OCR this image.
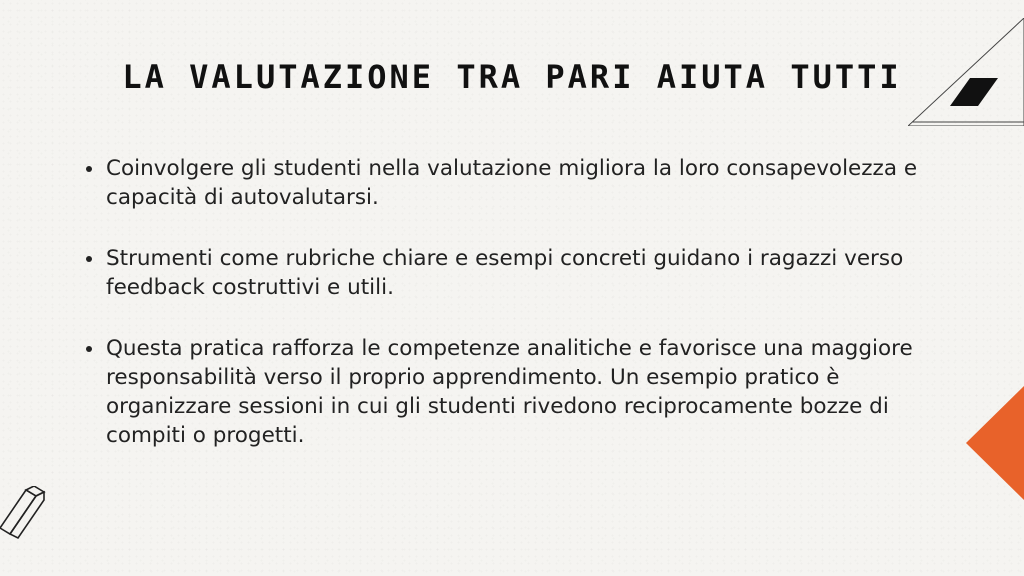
LA VALUTAZIONE TRA PARI AIUTA TUTTI
Coinvolgere gli studenti nella valutazione migliora la loro consapevolezza e capacità di autovalutarsi.
Strumenti come rubriche chiare e esempi concreti guidano i ragazzi verso feedback costruttivi e utili.
Questa pratica rafforza le competenze analitiche e favorisce una maggiore responsabilità verso il proprio apprendimento. Un esempio pratico è organizzare sessioni in cui gli studenti rivedono reciprocamente bozze di compiti o progetti.
